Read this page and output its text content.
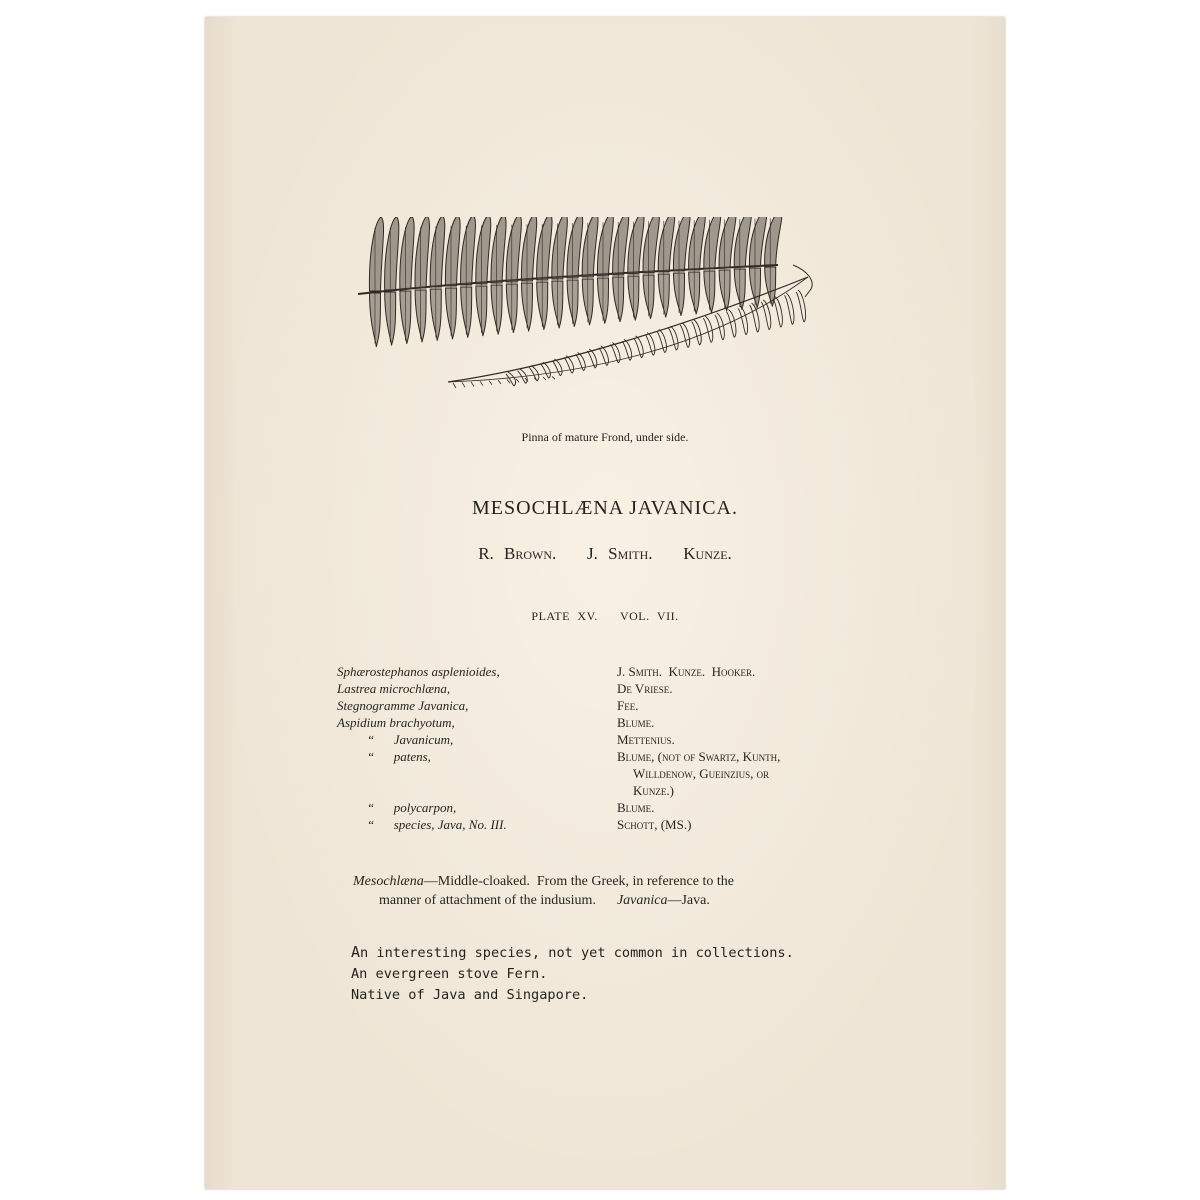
Pinna of mature Frond, under side.
MESOCHLÆNA JAVANICA.
R. Brown.   J. Smith.   Kunze.
PLATE XV.   VOL. VII.
Sphærostephanos asplenioides,	J. Smith.  Kunze.  Hooker.
Lastrea microchlæna,	De Vriese.
Stegnogramme Javanica,	Fee.
Aspidium brachyotum,	Blume.
“      Javanicum,	Mettenius.
“      patens,	Blume, (not of Swartz, Kunth,
Willdenow, Gueinzius, or
Kunze.)

“      polycarpon,	Blume.
“      species, Java, No. III.	Schott, (MS.)
Mesochlæna—Middle-cloaked.  From the Greek, in reference to the
manner of attachment of the indusium. Javanica—Java.
An interesting species, not yet common in collections.
An evergreen stove Fern.
Native of Java and Singapore.
